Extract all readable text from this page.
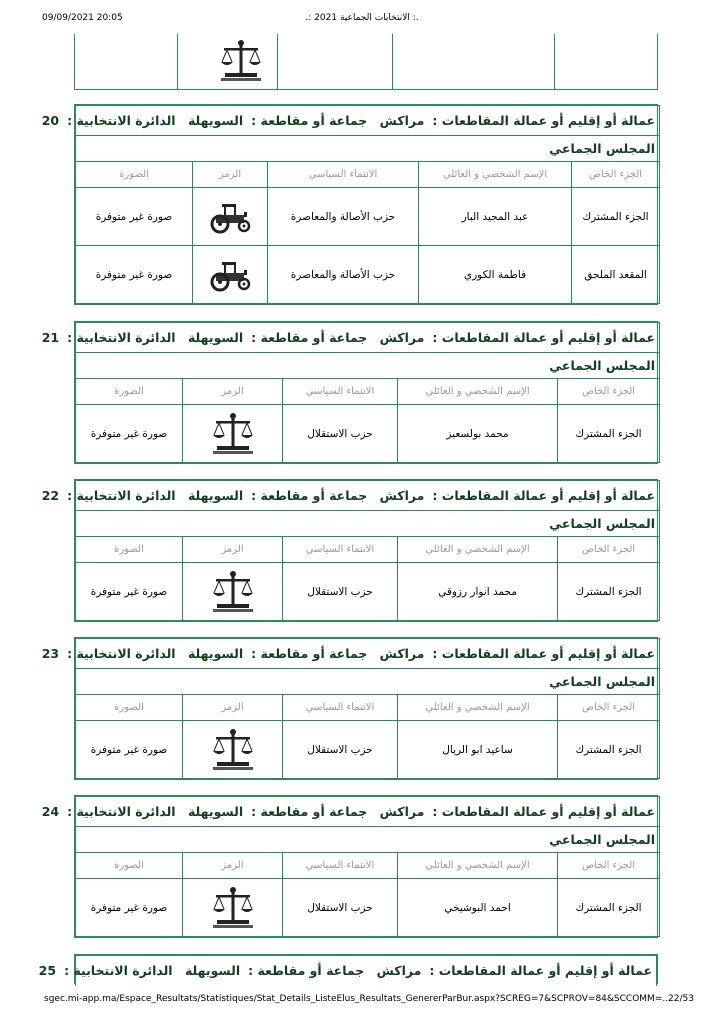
09/09/2021 20:05	.: الانتخابات الجماعية 2021 :.
عمالة أو إقليم أو عمالة المقاطعات :مراكش جماعة أو مقاطعة :السويهلة الدائرة الانتخابية :20				
المجلس الجماعي				
الجزء الخاص	الإسم الشخصي و العائلي	الانتماء السياسي	الرمز	الصورة
الجزء المشترك	عبد المجيد البار	حزب الأصالة والمعاصرة		صورة غير متوفرة
المقعد الملحق	فاطمة الكوري	حزب الأصالة والمعاصرة		صورة غير متوفرة
عمالة أو إقليم أو عمالة المقاطعات :مراكش جماعة أو مقاطعة :السويهلة الدائرة الانتخابية :21				
المجلس الجماعي				
الجزء الخاص	الإسم الشخصي و العائلي	الانتماء السياسي	الرمز	الصورة
الجزء المشترك	محمد بولسعيز	حزب الاستقلال		صورة غير متوفرة
عمالة أو إقليم أو عمالة المقاطعات :مراكش جماعة أو مقاطعة :السويهلة الدائرة الانتخابية :22				
المجلس الجماعي				
الجزء الخاص	الإسم الشخصي و العائلي	الانتماء السياسي	الرمز	الصورة
الجزء المشترك	محمد انوار رزوقي	حزب الاستقلال		صورة غير متوفرة
عمالة أو إقليم أو عمالة المقاطعات :مراكش جماعة أو مقاطعة :السويهلة الدائرة الانتخابية :23				
المجلس الجماعي				
الجزء الخاص	الإسم الشخصي و العائلي	الانتماء السياسي	الرمز	الصورة
الجزء المشترك	ساعيد ابو الريال	حزب الاستقلال		صورة غير متوفرة
عمالة أو إقليم أو عمالة المقاطعات :مراكش جماعة أو مقاطعة :السويهلة الدائرة الانتخابية :24				
المجلس الجماعي				
الجزء الخاص	الإسم الشخصي و العائلي	الانتماء السياسي	الرمز	الصورة
الجزء المشترك	احمد البوشيخي	حزب الاستقلال		صورة غير متوفرة
عمالة أو إقليم أو عمالة المقاطعات :مراكش جماعة أو مقاطعة :السويهلة الدائرة الانتخابية :25
sgec.mi-app.ma/Espace_Resultats/Statistiques/Stat_Details_ListeElus_Resultats_GenererParBur.aspx?SCREG=7&SCPROV=84&SCCOMM=...
22/53
